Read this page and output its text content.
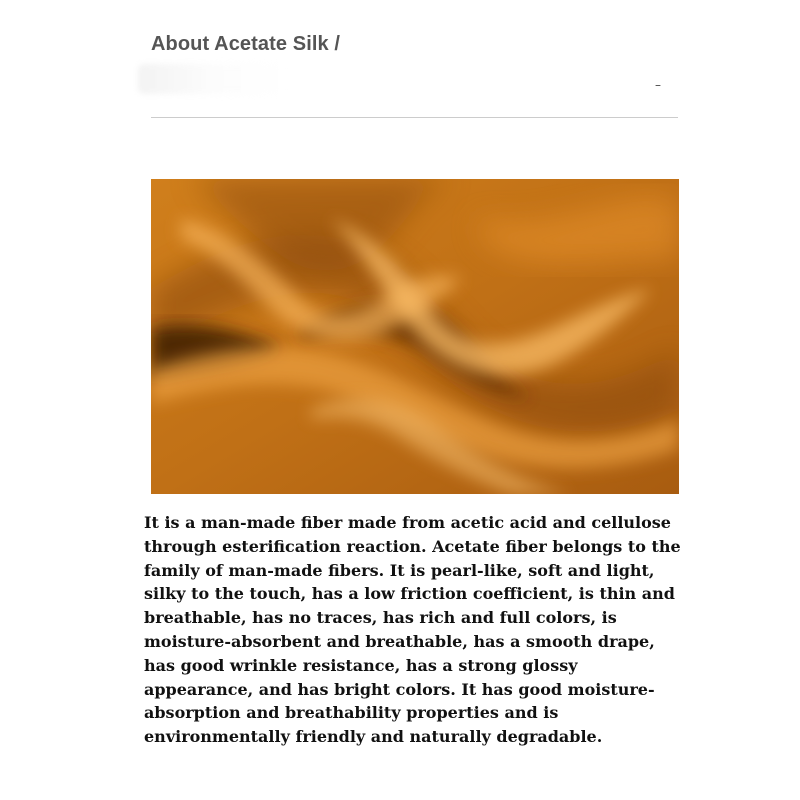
About Acetate Silk /
–

It is a man-made fiber made from acetic acid and cellulose through esterification reaction. Acetate fiber belongs to the family of man-made fibers. It is pearl-like, soft and light, silky to the touch, has a low friction coefficient, is thin and breathable, has no traces, has rich and full colors, is moisture-absorbent and breathable, has a smooth drape, has good wrinkle resistance, has a strong glossy appearance, and has bright colors. It has good moisture-absorption and breathability properties and is environmentally friendly and naturally degradable.
